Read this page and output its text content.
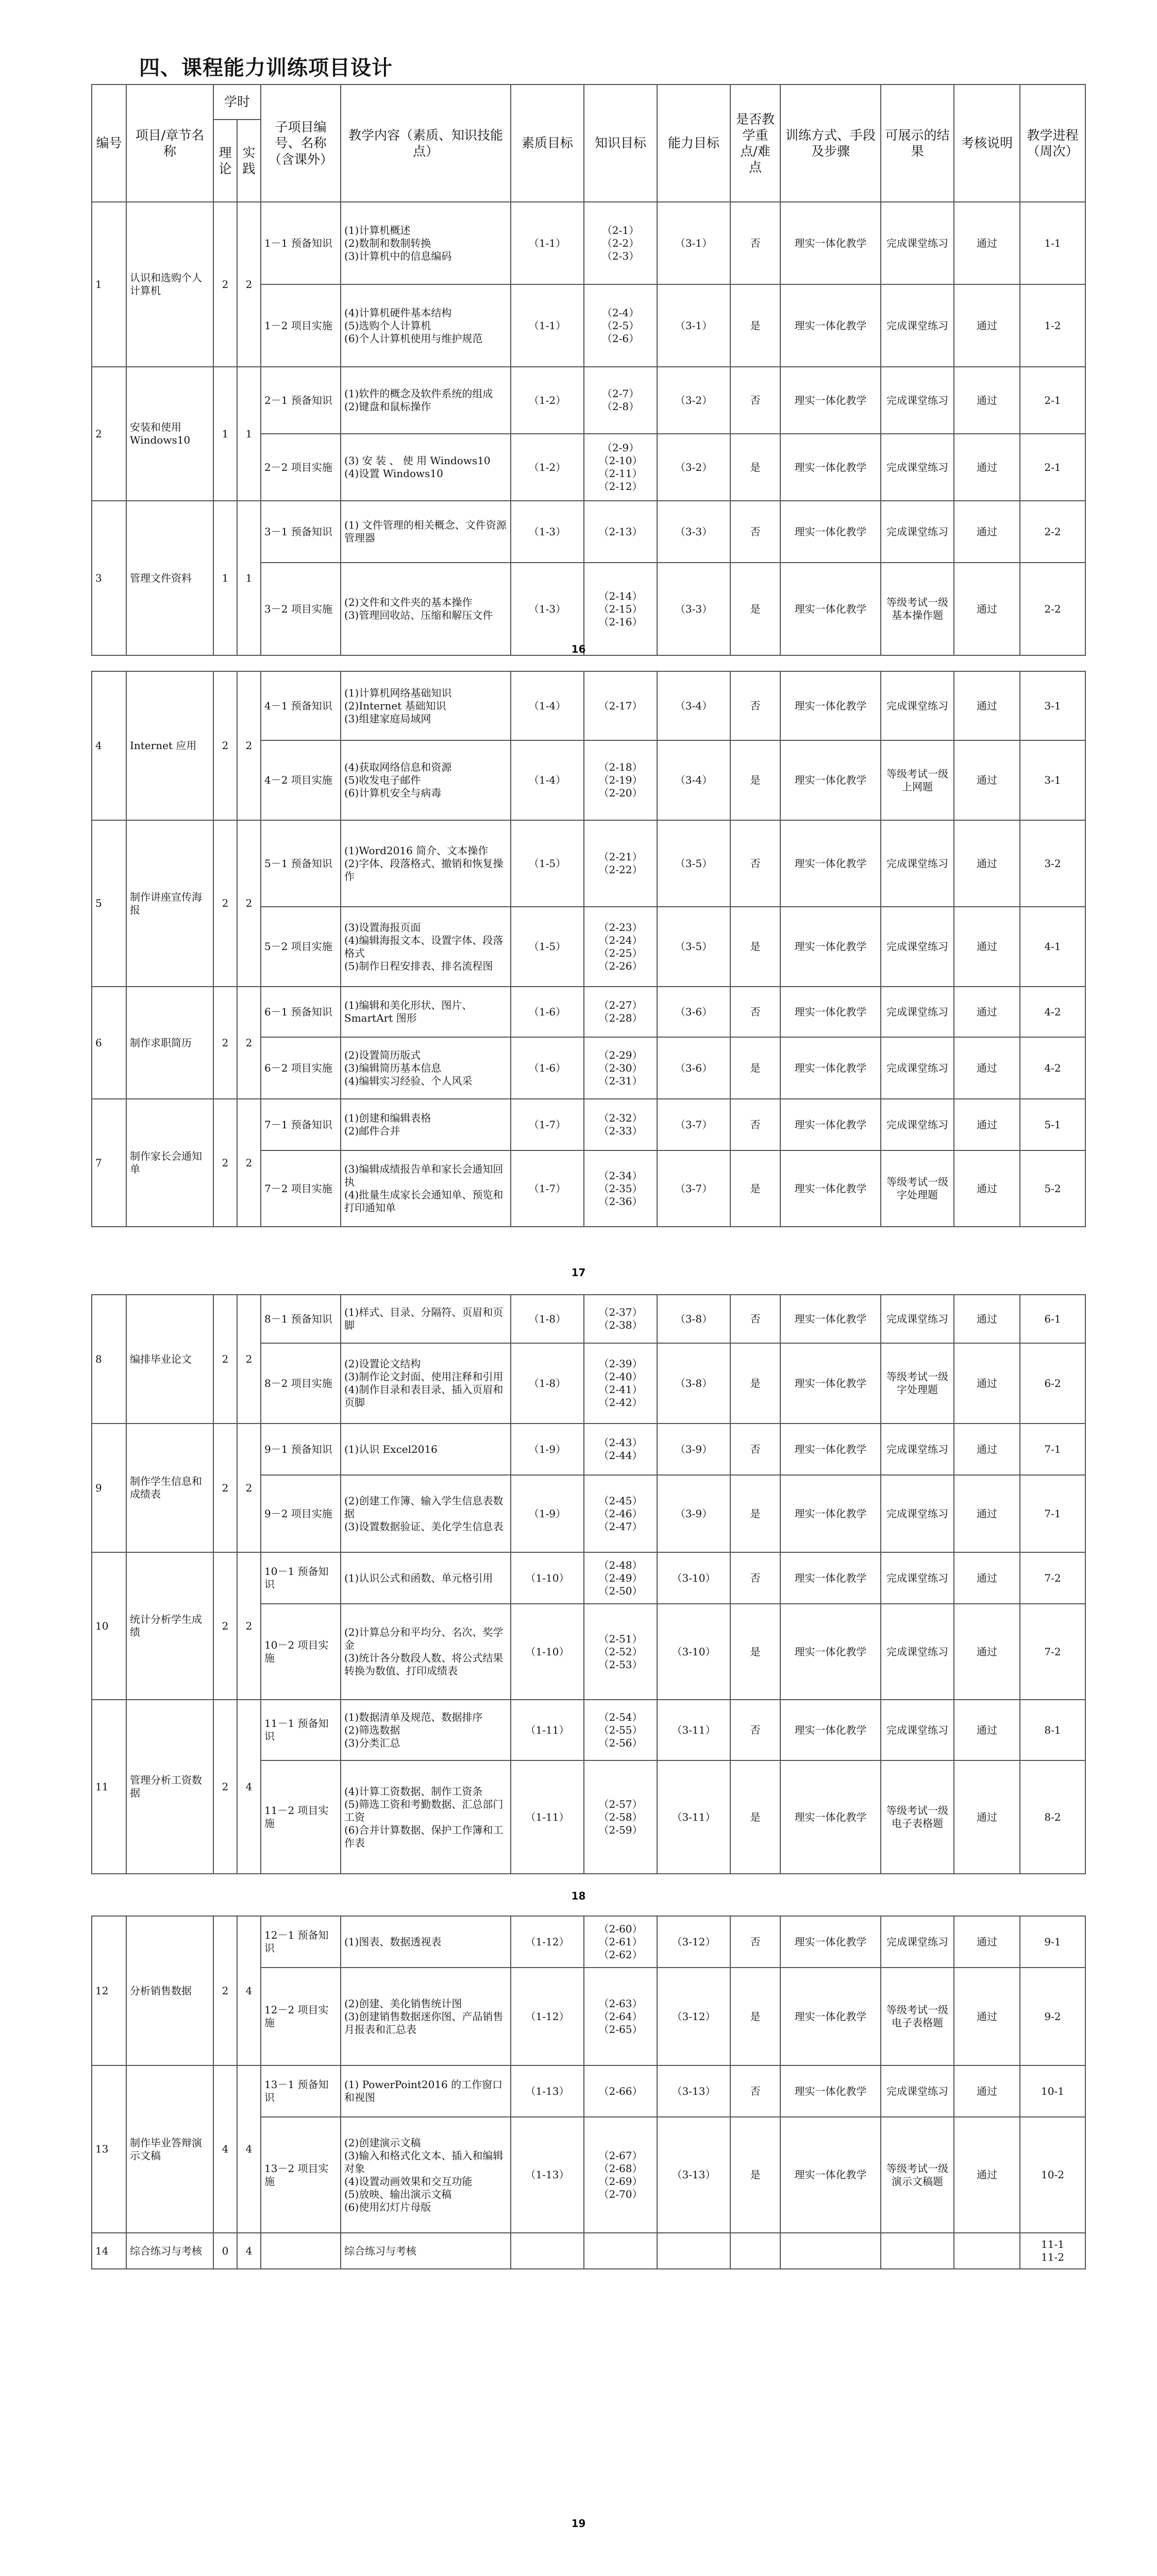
四、课程能力训练项目设计
编号	项目/章节名称	学时		子项目编号、名称（含课外）	教学内容（素质、知识技能点）	素质目标	知识目标	能力目标	是否教学重点/难点	训练方式、手段及步骤	可展示的结果	考核说明	教学进程（周次）
		理论	实践										
1	认识和选购个人计算机	2	2	1－1 预备知识	(1)计算机概述
(2)数制和数制转换
(3)计算机中的信息编码	（1-1）	（2-1）
（2-2）
（2-3）	（3-1）	否	理实一体化教学	完成课堂练习	通过	1-1
				1－2 项目实施	(4)计算机硬件基本结构
(5)选购个人计算机
(6)个人计算机使用与维护规范	（1-1）	（2-4）
（2-5）
（2-6）	（3-1）	是	理实一体化教学	完成课堂练习	通过	1-2
2	安装和使用Windows10	1	1	2－1 预备知识	(1)软件的概念及软件系统的组成
(2)键盘和鼠标操作	（1-2）	（2-7）
（2-8）	（3-2）	否	理实一体化教学	完成课堂练习	通过	2-1
				2－2 项目实施	(3) 安 装 、 使 用 Windows10
(4)设置 Windows10	（1-2）	（2-9）
（2-10）
（2-11）
（2-12）	（3-2）	是	理实一体化教学	完成课堂练习	通过	2-1
3	管理文件资料	1	1	3－1 预备知识	(1) 文件管理的相关概念、文件资源管理器	（1-3）	（2-13）	（3-3）	否	理实一体化教学	完成课堂练习	通过	2-2
				3－2 项目实施	(2)文件和文件夹的基本操作
(3)管理回收站、压缩和解压文件	（1-3）	（2-14）
（2-15）
（2-16）	（3-3）	是	理实一体化教学	等级考试一级基本操作题	通过	2-2
16
4	Internet 应用	2	2	4－1 预备知识	(1)计算机网络基础知识
(2)Internet 基础知识
(3)组建家庭局域网	（1-4）	（2-17）	（3-4）	否	理实一体化教学	完成课堂练习	通过	3-1
				4－2 项目实施	(4)获取网络信息和资源
(5)收发电子邮件
(6)计算机安全与病毒	（1-4）	（2-18）
（2-19）
（2-20）	（3-4）	是	理实一体化教学	等级考试一级上网题	通过	3-1
5	制作讲座宣传海报	2	2	5－1 预备知识	(1)Word2016 简介、文本操作
(2)字体、段落格式、撤销和恢复操作	（1-5）	（2-21）
（2-22）	（3-5）	否	理实一体化教学	完成课堂练习	通过	3-2
				5－2 项目实施	(3)设置海报页面
(4)编辑海报文本、设置字体、段落格式
(5)制作日程安排表、排名流程图	（1-5）	（2-23）
（2-24）
（2-25）
（2-26）	（3-5）	是	理实一体化教学	完成课堂练习	通过	4-1
6	制作求职简历	2	2	6－1 预备知识	(1)编辑和美化形状、图片、SmartArt 图形	（1-6）	（2-27）
（2-28）	（3-6）	否	理实一体化教学	完成课堂练习	通过	4-2
				6－2 项目实施	(2)设置简历版式
(3)编辑简历基本信息
(4)编辑实习经验、个人风采	（1-6）	（2-29）
（2-30）
（2-31）	（3-6）	是	理实一体化教学	完成课堂练习	通过	4-2
7	制作家长会通知单	2	2	7－1 预备知识	(1)创建和编辑表格
(2)邮件合并	（1-7）	（2-32）
（2-33）	（3-7）	否	理实一体化教学	完成课堂练习	通过	5-1
				7－2 项目实施	(3)编辑成绩报告单和家长会通知回执
(4)批量生成家长会通知单、预览和打印通知单	（1-7）	（2-34）
（2-35）
（2-36）	（3-7）	是	理实一体化教学	等级考试一级字处理题	通过	5-2
17
8	编排毕业论文	2	2	8－1 预备知识	(1)样式、目录、分隔符、页眉和页脚	（1-8）	（2-37）
（2-38）	（3-8）	否	理实一体化教学	完成课堂练习	通过	6-1
				8－2 项目实施	(2)设置论文结构
(3)制作论文封面、使用注释和引用
(4)制作目录和表目录、插入页眉和页脚	（1-8）	（2-39）
（2-40）
（2-41）
（2-42）	（3-8）	是	理实一体化教学	等级考试一级字处理题	通过	6-2
9	制作学生信息和成绩表	2	2	9－1 预备知识	(1)认识 Excel2016	（1-9）	（2-43）
（2-44）	（3-9）	否	理实一体化教学	完成课堂练习	通过	7-1
				9－2 项目实施	(2)创建工作簿、输入学生信息表数据
(3)设置数据验证、美化学生信息表	（1-9）	（2-45）
（2-46）
（2-47）	（3-9）	是	理实一体化教学	完成课堂练习	通过	7-1
10	统计分析学生成绩	2	2	10－1 预备知识	(1)认识公式和函数、单元格引用	（1-10）	（2-48）
（2-49）
（2-50）	（3-10）	否	理实一体化教学	完成课堂练习	通过	7-2
				10－2 项目实施	(2)计算总分和平均分、名次、奖学金
(3)统计各分数段人数、将公式结果转换为数值、打印成绩表	（1-10）	（2-51）
（2-52）
（2-53）	（3-10）	是	理实一体化教学	完成课堂练习	通过	7-2
11	管理分析工资数据	2	4	11－1 预备知识	(1)数据清单及规范、数据排序
(2)筛选数据
(3)分类汇总	（1-11）	（2-54）
（2-55）
（2-56）	（3-11）	否	理实一体化教学	完成课堂练习	通过	8-1
				11－2 项目实施	(4)计算工资数据、制作工资条
(5)筛选工资和考勤数据、汇总部门工资
(6)合并计算数据、保护工作簿和工作表	（1-11）	（2-57）
（2-58）
（2-59）	（3-11）	是	理实一体化教学	等级考试一级电子表格题	通过	8-2
18
12	分析销售数据	2	4	12－1 预备知识	(1)图表、数据透视表	（1-12）	（2-60）
（2-61）
（2-62）	（3-12）	否	理实一体化教学	完成课堂练习	通过	9-1
				12－2 项目实施	(2)创建、美化销售统计图
(3)创建销售数据迷你图、产品销售月报表和汇总表	（1-12）	（2-63）
（2-64）
（2-65）	（3-12）	是	理实一体化教学	等级考试一级电子表格题	通过	9-2
13	制作毕业答辩演示文稿	4	4	13－1 预备知识	(1) PowerPoint2016 的工作窗口和视图	（1-13）	（2-66）	（3-13）	否	理实一体化教学	完成课堂练习	通过	10-1
				13－2 项目实施	(2)创建演示文稿
(3)输入和格式化文本、插入和编辑对象
(4)设置动画效果和交互功能
(5)放映、输出演示文稿
(6)使用幻灯片母版	（1-13）	（2-67）
（2-68）
（2-69）
（2-70）	（3-13）	是	理实一体化教学	等级考试一级演示文稿题	通过	10-2
14	综合练习与考核	0	4		综合练习与考核								11-1
11-2
19
